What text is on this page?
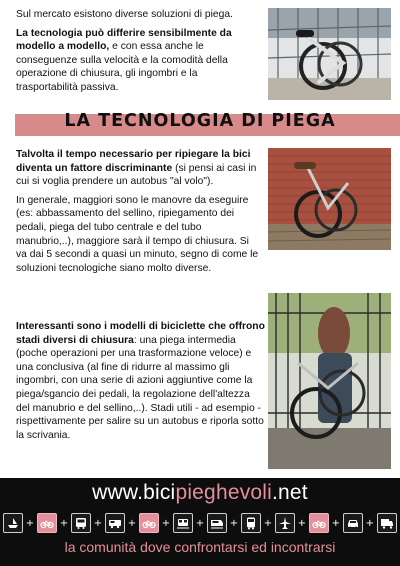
Sul mercato esistono diverse soluzioni di piega.

La tecnologia può differire sensibilmente da modello a modello, e con essa anche le conseguenze sulla velocità e la comodità della operazione di chiusura, gli ingombri e la trasportabilità passiva.

LA TECNOLOGIA DI PIEGA

Talvolta il tempo necessario per ripiegare la bici diventa un fattore discriminante (si pensi ai casi in cui si voglia prendere un autobus "al volo").

In generale, maggiori sono le manovre da eseguire (es: abbassamento del sellino, ripiegamento dei pedali, piega del tubo centrale e del tubo manubrio,..), maggiore sarà il tempo di chiusura. Si va dai 5 secondi a quasi un minuto, segno di come le soluzioni tecnologiche siano molto diverse.

Interessanti sono i modelli di biciclette che offrono stadi diversi di chiusura: una piega intermedia (poche operazioni per una trasformazione veloce) e una conclusiva (al fine di ridurre al massimo gli ingombri, con una serie di azioni aggiuntive come la piega/sgancio dei pedali, la regolazione dell'altezza del manubrio e del sellino,..). Stadi utili - ad esempio - rispettivamente per salire su un autobus e riporla sotto la scrivania.

www.bicipieghevoli.net
+	+	+	+	+	+	+	+	+	+	+
la comunità dove confrontarsi ed incontrarsi
